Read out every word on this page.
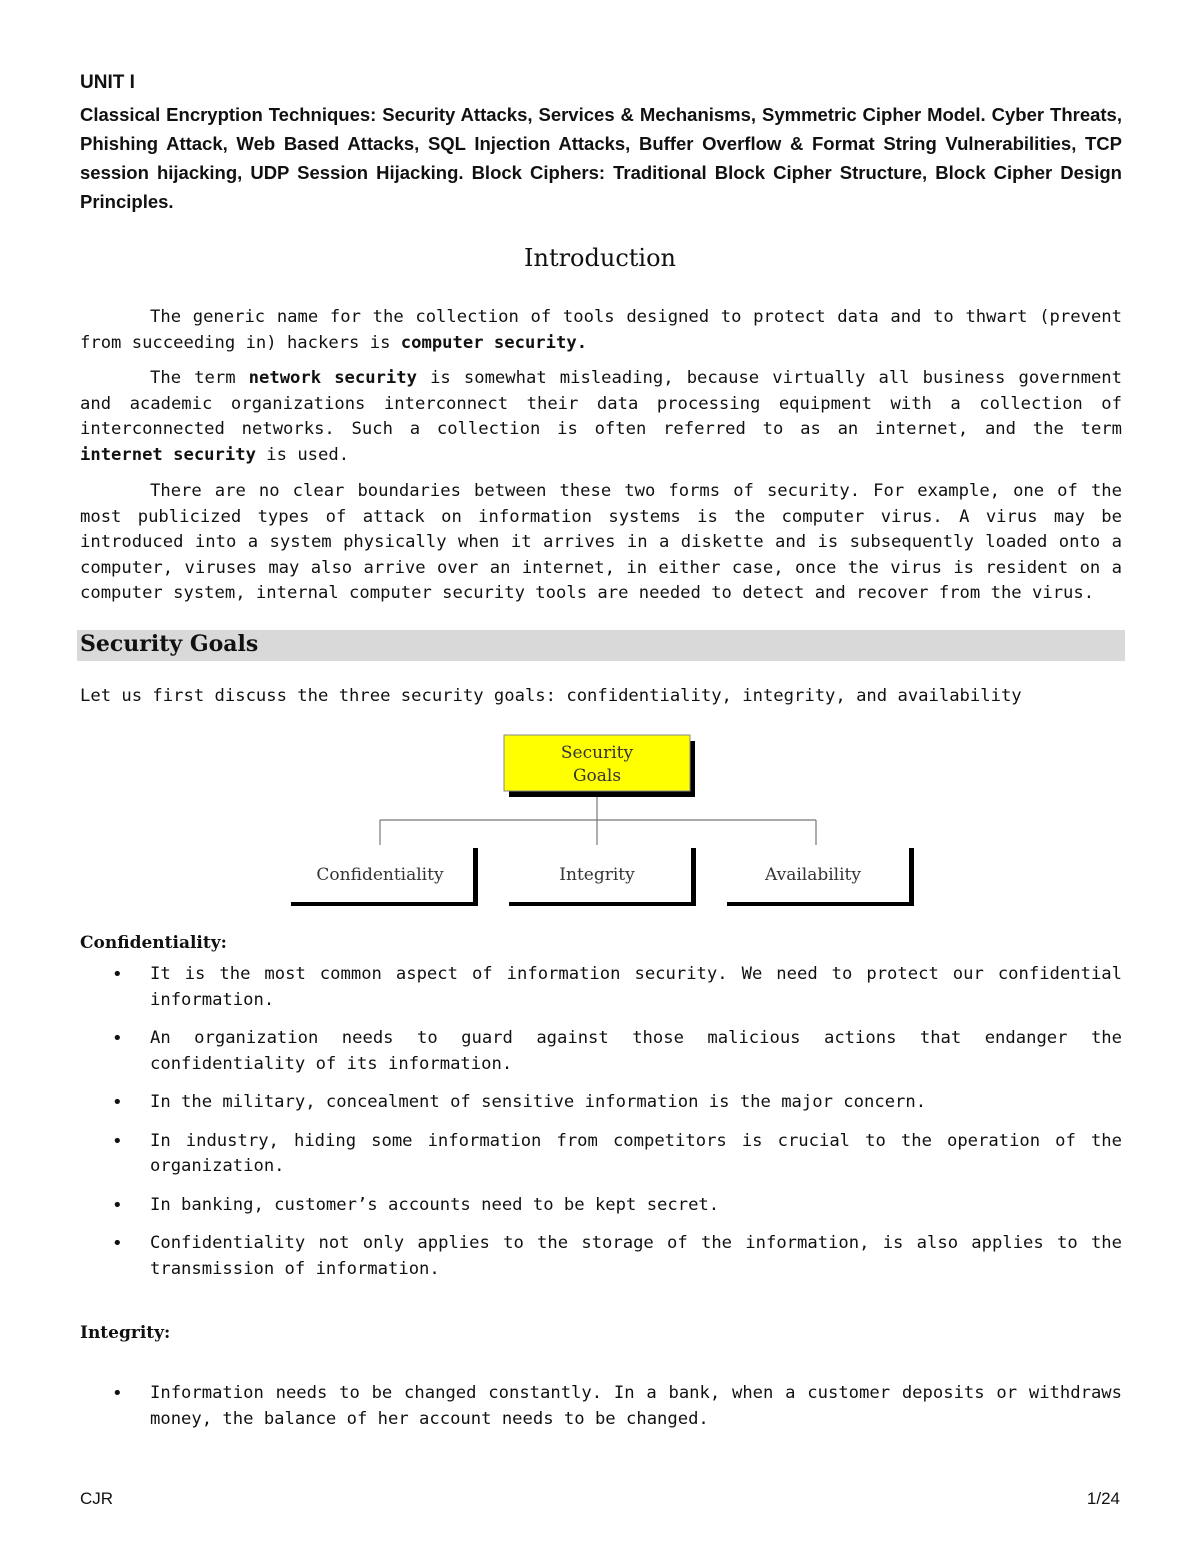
UNIT I
Classical Encryption Techniques: Security Attacks, Services & Mechanisms, Symmetric Cipher Model. Cyber Threats, Phishing Attack, Web Based Attacks, SQL Injection Attacks, Buffer Overflow & Format String Vulnerabilities, TCP session hijacking, UDP Session Hijacking. Block Ciphers: Traditional Block Cipher Structure, Block Cipher Design Principles.
Introduction
The generic name for the collection of tools designed to protect data and to thwart (prevent from succeeding in) hackers is computer security.
The term network security is somewhat misleading, because virtually all business government and academic organizations interconnect their data processing equipment with a collection of interconnected networks. Such a collection is often referred to as an internet, and the term internet security is used.
There are no clear boundaries between these two forms of security. For example, one of the most publicized types of attack on information systems is the computer virus. A virus may be introduced into a system physically when it arrives in a diskette and is subsequently loaded onto a computer, viruses may also arrive over an internet, in either case, once the virus is resident on a computer system, internal computer security tools are needed to detect and recover from the virus.
Security Goals
Let us first discuss the three security goals: confidentiality, integrity, and availability
Security
Goals
Confidentiality	Integrity	Availability
Confidentiality:
• It is the most common aspect of information security. We need to protect our confidential information.
• An organization needs to guard against those malicious actions that endanger the confidentiality of its information.
• In the military, concealment of sensitive information is the major concern.
• In industry, hiding some information from competitors is crucial to the operation of the organization.
• In banking, customer’s accounts need to be kept secret.
• Confidentiality not only applies to the storage of the information, is also applies to the transmission of information.
Integrity:
• Information needs to be changed constantly. In a bank, when a customer deposits or withdraws money, the balance of her account needs to be changed.
CJR	1/24
